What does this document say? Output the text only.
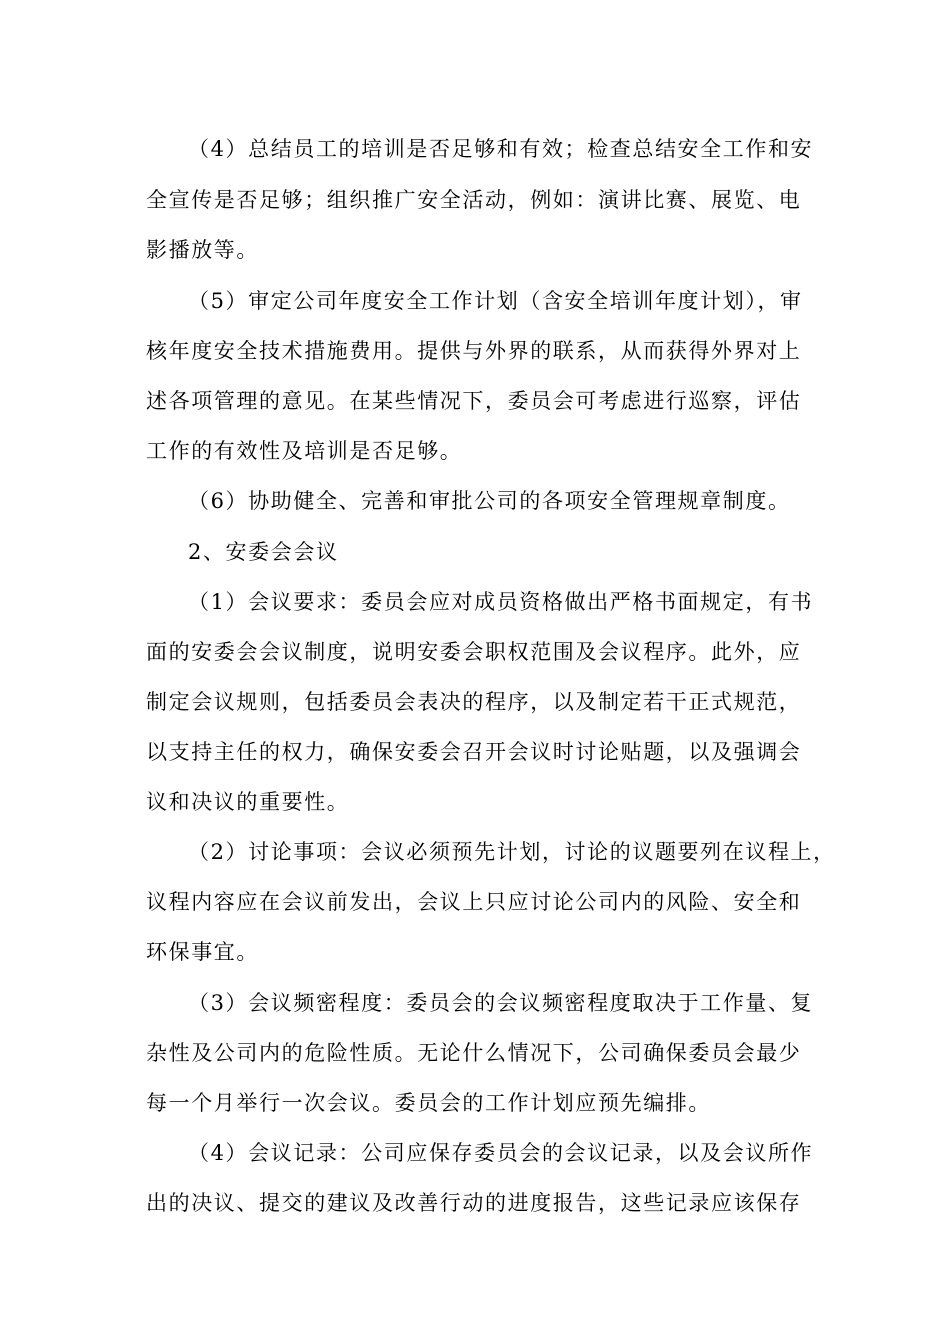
（4）总结员工的培训是否足够和有效；检查总结安全工作和安
全宣传是否足够；组织推广安全活动，例如：演讲比赛、展览、电
影播放等。
（5）审定公司年度安全工作计划（含安全培训年度计划），审
核年度安全技术措施费用。提供与外界的联系，从而获得外界对上
述各项管理的意见。在某些情况下，委员会可考虑进行巡察，评估
工作的有效性及培训是否足够。
（6）协助健全、完善和审批公司的各项安全管理规章制度。
2、安委会会议
（1）会议要求：委员会应对成员资格做出严格书面规定，有书
面的安委会会议制度，说明安委会职权范围及会议程序。此外，应
制定会议规则，包括委员会表决的程序，以及制定若干正式规范，
以支持主任的权力，确保安委会召开会议时讨论贴题，以及强调会
议和决议的重要性。
（2）讨论事项：会议必须预先计划，讨论的议题要列在议程上，
议程内容应在会议前发出，会议上只应讨论公司内的风险、安全和
环保事宜。
（3）会议频密程度：委员会的会议频密程度取决于工作量、复
杂性及公司内的危险性质。无论什么情况下，公司确保委员会最少
每一个月举行一次会议。委员会的工作计划应预先编排。
（4）会议记录：公司应保存委员会的会议记录，以及会议所作
出的决议、提交的建议及改善行动的进度报告，这些记录应该保存
